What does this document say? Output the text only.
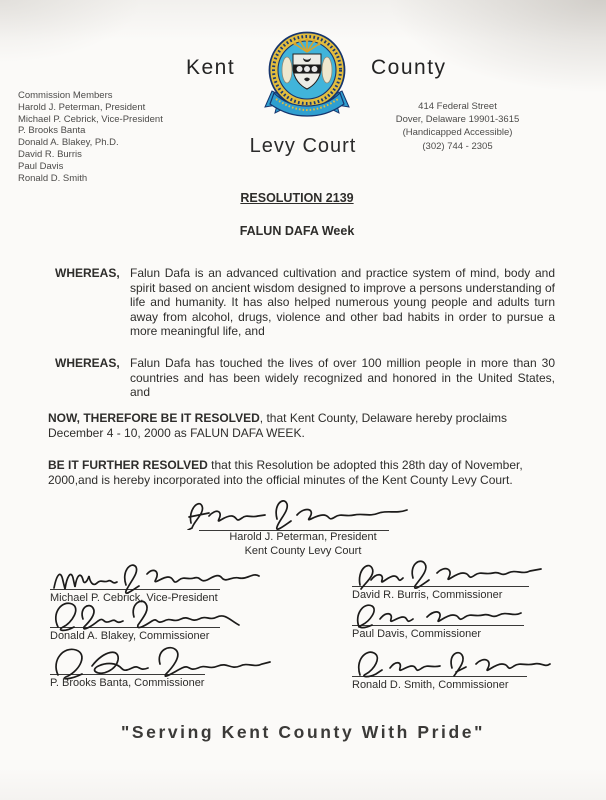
Kent	County
Commission Members
Harold J. Peterman, President
Michael P. Cebrick, Vice-President
P. Brooks Banta
Donald A. Blakey, Ph.D.
David R. Burris
Paul Davis
Ronald D. Smith
414 Federal Street
Dover, Delaware 19901-3615
(Handicapped Accessible)
(302) 744 - 2305
Levy Court
RESOLUTION 2139
FALUN DAFA Week
WHEREAS, Falun Dafa is an advanced cultivation and practice system of mind, body and spirit based on ancient wisdom designed to improve a persons understanding of life and humanity. It has also helped numerous young people and adults turn away from alcohol, drugs, violence and other bad habits in order to pursue a more meaningful life, and
WHEREAS, Falun Dafa has touched the lives of over 100 million people in more than 30 countries and has been widely recognized and honored in the United States, and
NOW, THEREFORE BE IT RESOLVED, that Kent County, Delaware hereby proclaims December 4 - 10, 2000 as FALUN DAFA WEEK.
BE IT FURTHER RESOLVED that this Resolution be adopted this 28th day of November, 2000,and is hereby incorporated into the official minutes of the Kent County Levy Court.
Harold J. Peterman, President
Kent County Levy Court
Michael P. Cebrick, Vice-President
Donald A. Blakey, Commissioner
P. Brooks Banta, Commissioner
David R. Burris, Commissioner
Paul Davis, Commissioner
Ronald D. Smith, Commissioner
"Serving Kent County With Pride"
